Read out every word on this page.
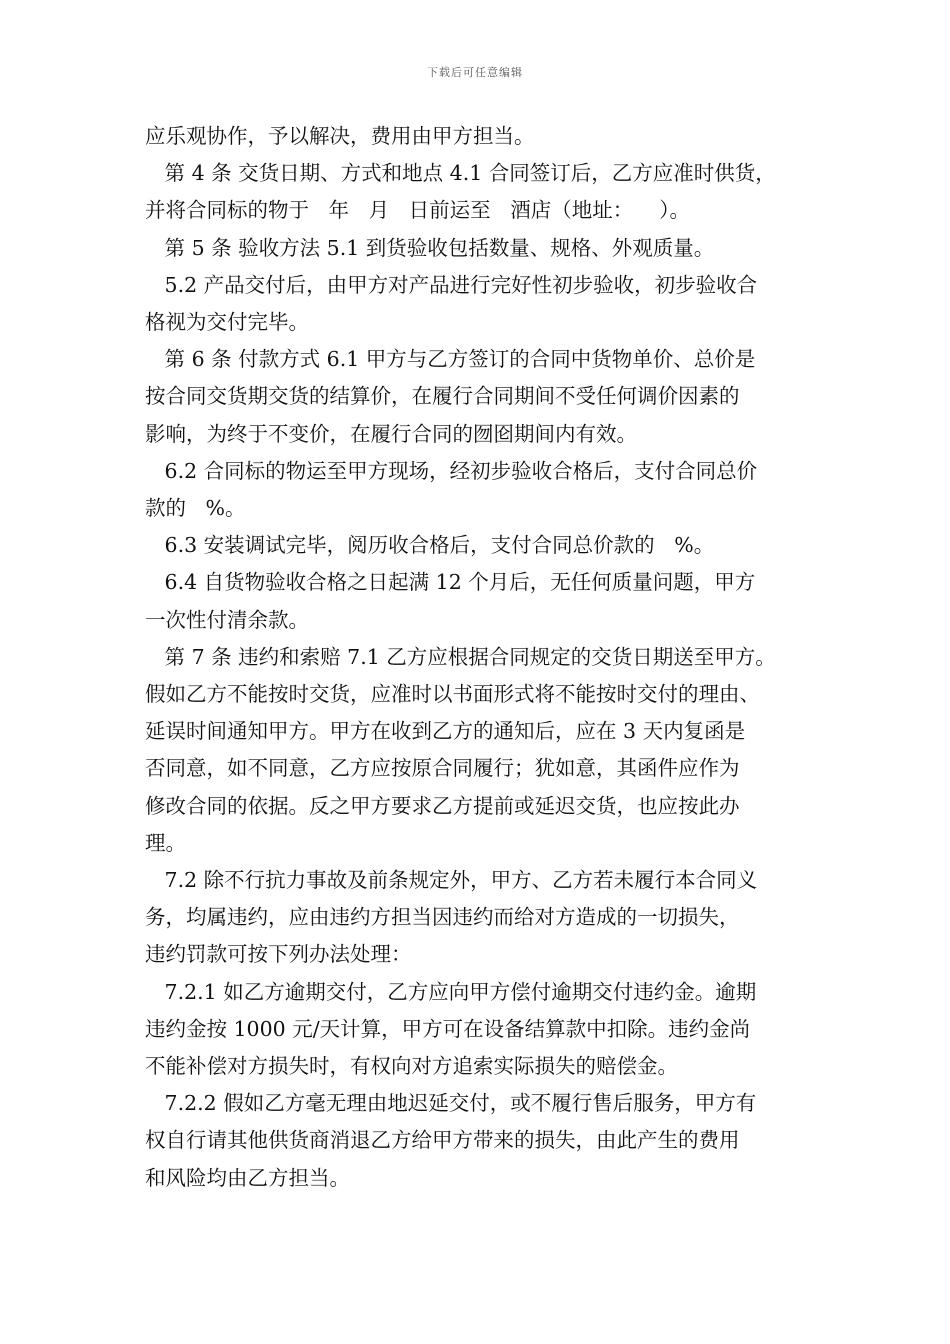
下载后可任意编辑
应乐观协作，予以解决，费用由甲方担当。
第 4 条 交货日期、方式和地点 4.1 合同签订后，乙方应准时供货，
并将合同标的物于   年   月   日前运至   酒店（地址：    ）。
第 5 条 验收方法 5.1 到货验收包括数量、规格、外观质量。
5.2 产品交付后，由甲方对产品进行完好性初步验收，初步验收合
格视为交付完毕。
第 6 条 付款方式 6.1 甲方与乙方签订的合同中货物单价、总价是
按合同交货期交货的结算价，在履行合同期间不受任何调价因素的
影响，为终于不变价，在履行合同的囫囵期间内有效。
6.2 合同标的物运至甲方现场，经初步验收合格后，支付合同总价
款的   %。
6.3 安装调试完毕，阅历收合格后，支付合同总价款的   %。
6.4 自货物验收合格之日起满 12 个月后，无任何质量问题，甲方
一次性付清余款。
第 7 条 违约和索赔 7.1 乙方应根据合同规定的交货日期送至甲方。
假如乙方不能按时交货，应准时以书面形式将不能按时交付的理由、
延误时间通知甲方。甲方在收到乙方的通知后，应在 3 天内复函是
否同意，如不同意，乙方应按原合同履行；犹如意，其函件应作为
修改合同的依据。反之甲方要求乙方提前或延迟交货，也应按此办
理。
7.2 除不行抗力事故及前条规定外，甲方、乙方若未履行本合同义
务，均属违约，应由违约方担当因违约而给对方造成的一切损失，
违约罚款可按下列办法处理：
7.2.1 如乙方逾期交付，乙方应向甲方偿付逾期交付违约金。逾期
违约金按 1000 元/天计算，甲方可在设备结算款中扣除。违约金尚
不能补偿对方损失时，有权向对方追索实际损失的赔偿金。
7.2.2 假如乙方毫无理由地迟延交付，或不履行售后服务，甲方有
权自行请其他供货商消退乙方给甲方带来的损失，由此产生的费用
和风险均由乙方担当。
